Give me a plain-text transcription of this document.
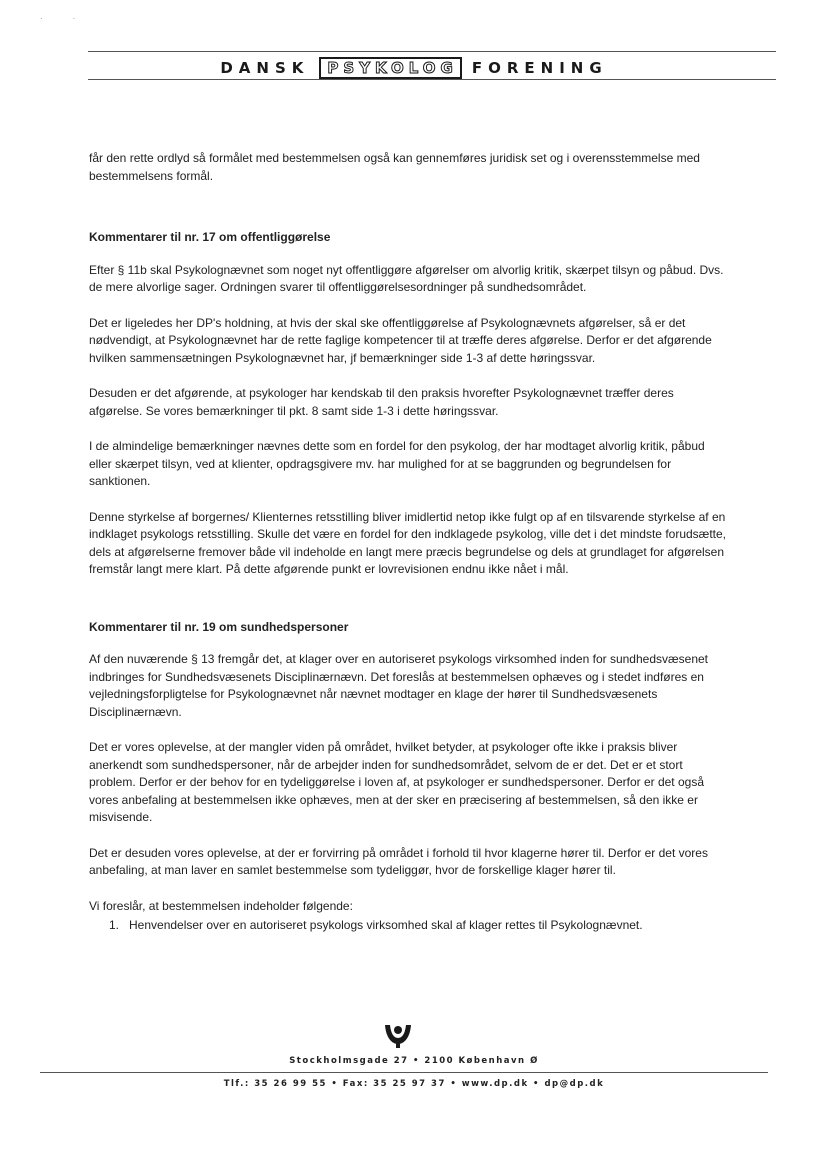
··
DANSK PSYKOLOG FORENING

får den rette ordlyd så formålet med bestemmelsen også kan gennemføres juridisk set og i overensstemmelse med bestemmelsens formål.

Kommentarer til nr. 17 om offentliggørelse

Efter § 11b skal Psykolognævnet som noget nyt offentliggøre afgørelser om alvorlig kritik, skærpet tilsyn og påbud. Dvs. de mere alvorlige sager. Ordningen svarer til offentliggørelsesordninger på sundhedsområdet.

Det er ligeledes her DP's holdning, at hvis der skal ske offentliggørelse af Psykolognævnets afgørelser, så er det nødvendigt, at Psykolognævnet har de rette faglige kompetencer til at træffe deres afgørelse. Derfor er det afgørende hvilken sammensætningen Psykolognævnet har, jf bemærkninger side 1-3 af dette høringssvar.

Desuden er det afgørende, at psykologer har kendskab til den praksis hvorefter Psykolognævnet træffer deres afgørelse. Se vores bemærkninger til pkt. 8 samt side 1-3 i dette høringssvar.

I de almindelige bemærkninger nævnes dette som en fordel for den psykolog, der har modtaget alvorlig kritik, påbud eller skærpet tilsyn, ved at klienter, opdragsgivere mv. har mulighed for at se baggrunden og begrundelsen for sanktionen.

Denne styrkelse af borgernes/ Klienternes retsstilling bliver imidlertid netop ikke fulgt op af en tilsvarende styrkelse af en indklaget psykologs retsstilling. Skulle det være en fordel for den indklagede psykolog, ville det i det mindste forudsætte, dels at afgørelserne fremover både vil indeholde en langt mere præcis begrundelse og dels at grundlaget for afgørelsen fremstår langt mere klart. På dette afgørende punkt er lovrevisionen endnu ikke nået i mål.

Kommentarer til nr. 19 om sundhedspersoner

Af den nuværende § 13 fremgår det, at klager over en autoriseret psykologs virksomhed inden for sundhedsvæsenet indbringes for Sundhedsvæsenets Disciplinærnævn. Det foreslås at bestemmelsen ophæves og i stedet indføres en vejledningsforpligtelse for Psykolognævnet når nævnet modtager en klage der hører til Sundhedsvæsenets Disciplinærnævn.

Det er vores oplevelse, at der mangler viden på området, hvilket betyder, at psykologer ofte ikke i praksis bliver anerkendt som sundhedspersoner, når de arbejder inden for sundhedsområdet, selvom de er det. Det er et stort problem. Derfor er der behov for en tydeliggørelse i loven af, at psykologer er sundhedspersoner. Derfor er det også vores anbefaling at bestemmelsen ikke ophæves, men at der sker en præcisering af bestemmelsen, så den ikke er misvisende.

Det er desuden vores oplevelse, at der er forvirring på området i forhold til hvor klagerne hører til. Derfor er det vores anbefaling, at man laver en samlet bestemmelse som tydeliggør, hvor de forskellige klager hører til.

Vi foreslår, at bestemmelsen indeholder følgende:

1. Henvendelser over en autoriseret psykologs virksomhed skal af klager rettes til Psykolognævnet.
Stockholmsgade 27 • 2100 København Ø
Tlf.: 35 26 99 55 • Fax: 35 25 97 37 • www.dp.dk • dp@dp.dk
